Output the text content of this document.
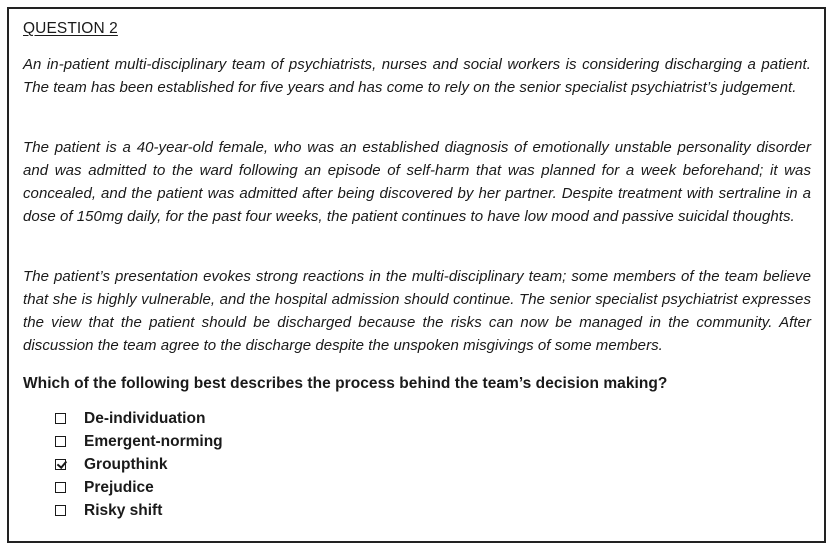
QUESTION 2

An in-patient multi-disciplinary team of psychiatrists, nurses and social workers is considering discharging a patient. The team has been established for five years and has come to rely on the senior specialist psychiatrist’s judgement.

The patient is a 40-year-old female, who was an established diagnosis of emotionally unstable personality disorder and was admitted to the ward following an episode of self-harm that was planned for a week beforehand; it was concealed, and the patient was admitted after being discovered by her partner. Despite treatment with sertraline in a dose of 150mg daily, for the past four weeks, the patient continues to have low mood and passive suicidal thoughts.

The patient’s presentation evokes strong reactions in the multi-disciplinary team; some members of the team believe that she is highly vulnerable, and the hospital admission should continue. The senior specialist psychiatrist expresses the view that the patient should be discharged because the risks can now be managed in the community. After discussion the team agree to the discharge despite the unspoken misgivings of some members.

Which of the following best describes the process behind the team’s decision making?
De-individuation
Emergent-norming
Groupthink
Prejudice
Risky shift
